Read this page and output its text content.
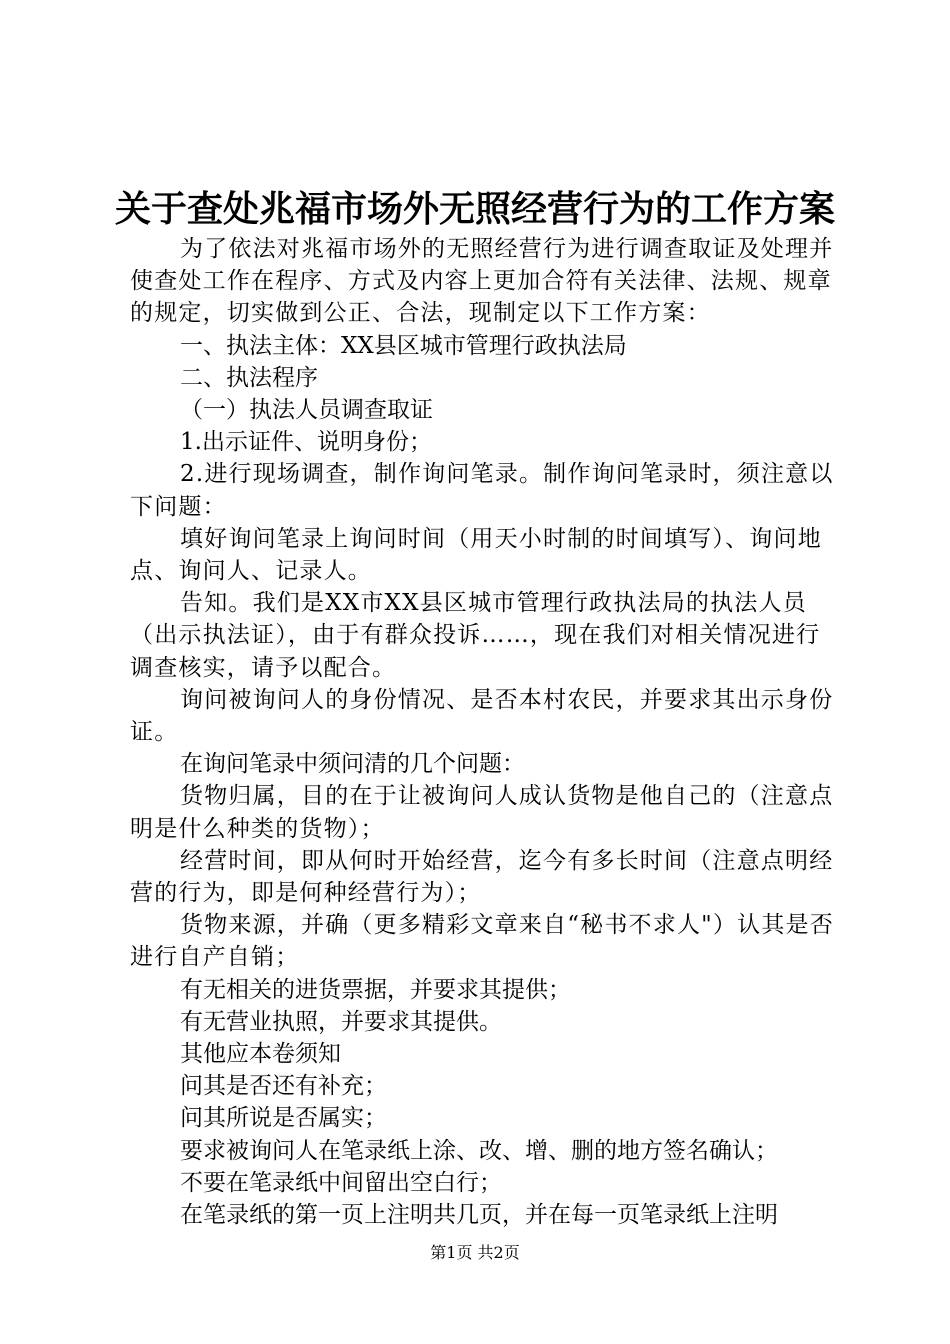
关于查处兆福市场外无照经营行为的工作方案

为了依法对兆福市场外的无照经营行为进行调查取证及处理并使查处工作在程序、方式及内容上更加合符有关法律、法规、规章的规定，切实做到公正、合法，现制定以下工作方案：

一、执法主体：XX县区城市管理行政执法局

二、执法程序

（一）执法人员调查取证

1.出示证件、说明身份；

2.进行现场调查，制作询问笔录。制作询问笔录时，须注意以下问题：

填好询问笔录上询问时间（用天小时制的时间填写）、询问地点、询问人、记录人。

告知。我们是XX市XX县区城市管理行政执法局的执法人员（出示执法证），由于有群众投诉……，现在我们对相关情况进行调查核实，请予以配合。

询问被询问人的身份情况、是否本村农民，并要求其出示身份证。

在询问笔录中须问清的几个问题：

货物归属，目的在于让被询问人成认货物是他自己的（注意点明是什么种类的货物）；

经营时间，即从何时开始经营，迄今有多长时间（注意点明经营的行为，即是何种经营行为）；

货物来源，并确（更多精彩文章来自“秘书不求人"）认其是否进行自产自销；

有无相关的进货票据，并要求其提供；

有无营业执照，并要求其提供。

其他应本卷须知

问其是否还有补充；

问其所说是否属实；

要求被询问人在笔录纸上涂、改、增、删的地方签名确认；

不要在笔录纸中间留出空白行；

在笔录纸的第一页上注明共几页，并在每一页笔录纸上注明

第1页 共2页
